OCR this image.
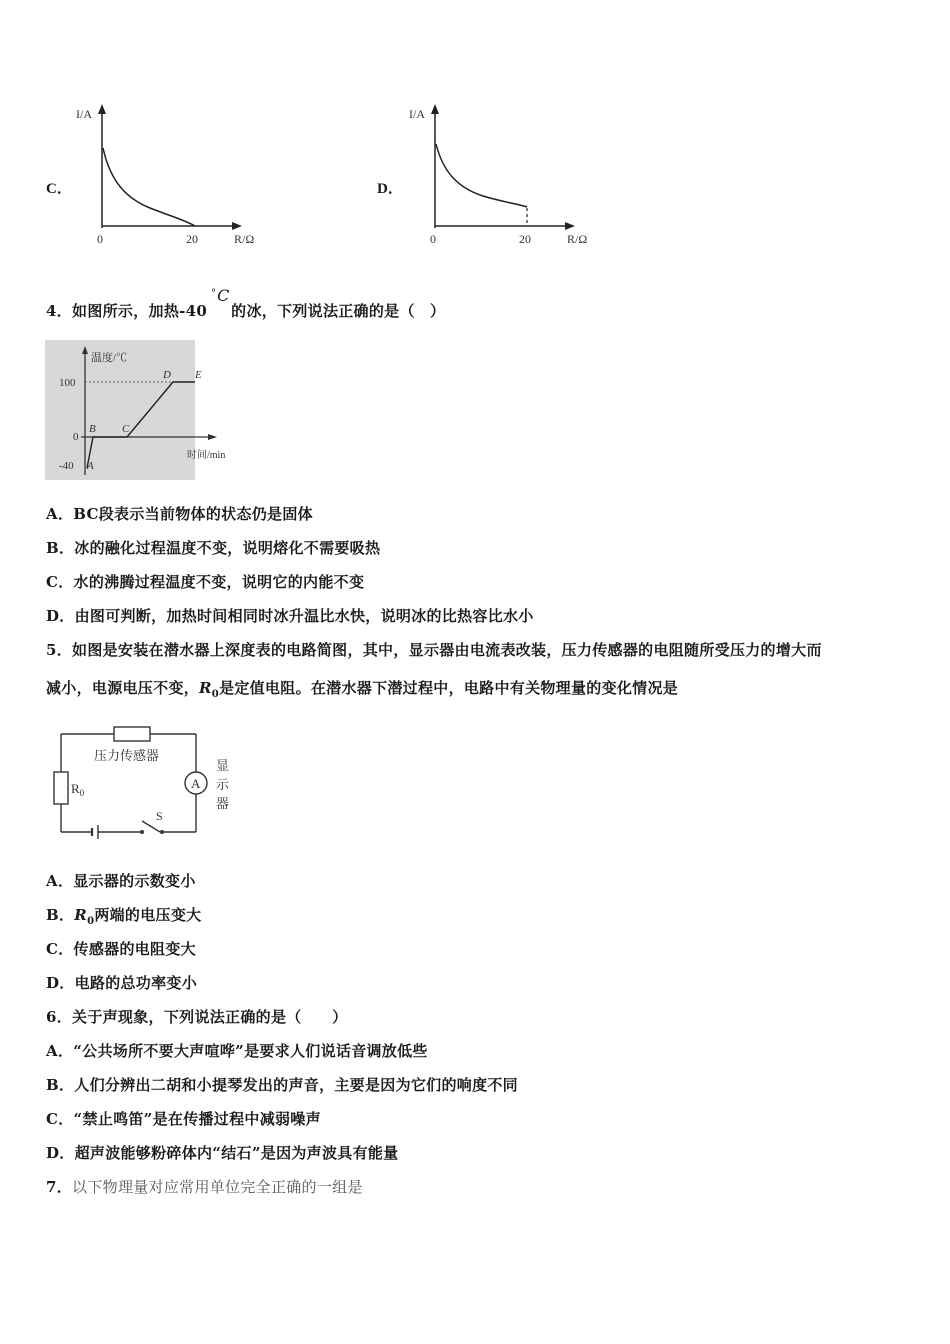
C．
I/A
0	20	R/Ω
D．
I/A
0	20	R/Ω
4．如图所示，加热-40
° C
的冰，下列说法正确的是（　）
温度/℃
时间/min
100
0
-40 A
B C
D E
A．BC段表示当前物体的状态仍是固体
B．冰的融化过程温度不变，说明熔化不需要吸热
C．水的沸腾过程温度不变，说明它的内能不变
D．由图可判断，加热时间相同时冰升温比水快，说明冰的比热容比水小
5．如图是安装在潜水器上深度表的电路简图，其中，显示器由电流表改装，压力传感器的电阻随所受压力的增大而
减小，电源电压不变，$R_0$是定值电阻。在潜水器下潜过程中，电路中有关物理量的变化情况是
压力传感器
$R_0$
A
显
示
器
S
A．显示器的示数变小
B．$R_0$两端的电压变大
C．传感器的电阻变大
D．电路的总功率变小
6．关于声现象，下列说法正确的是（　　）
A．“公共场所不要大声喧哗”是要求人们说话音调放低些
B．人们分辨出二胡和小提琴发出的声音，主要是因为它们的响度不同
C．“禁止鸣笛”是在传播过程中减弱噪声
D．超声波能够粉碎体内“结石”是因为声波具有能量
7．以下物理量对应常用单位完全正确的一组是
